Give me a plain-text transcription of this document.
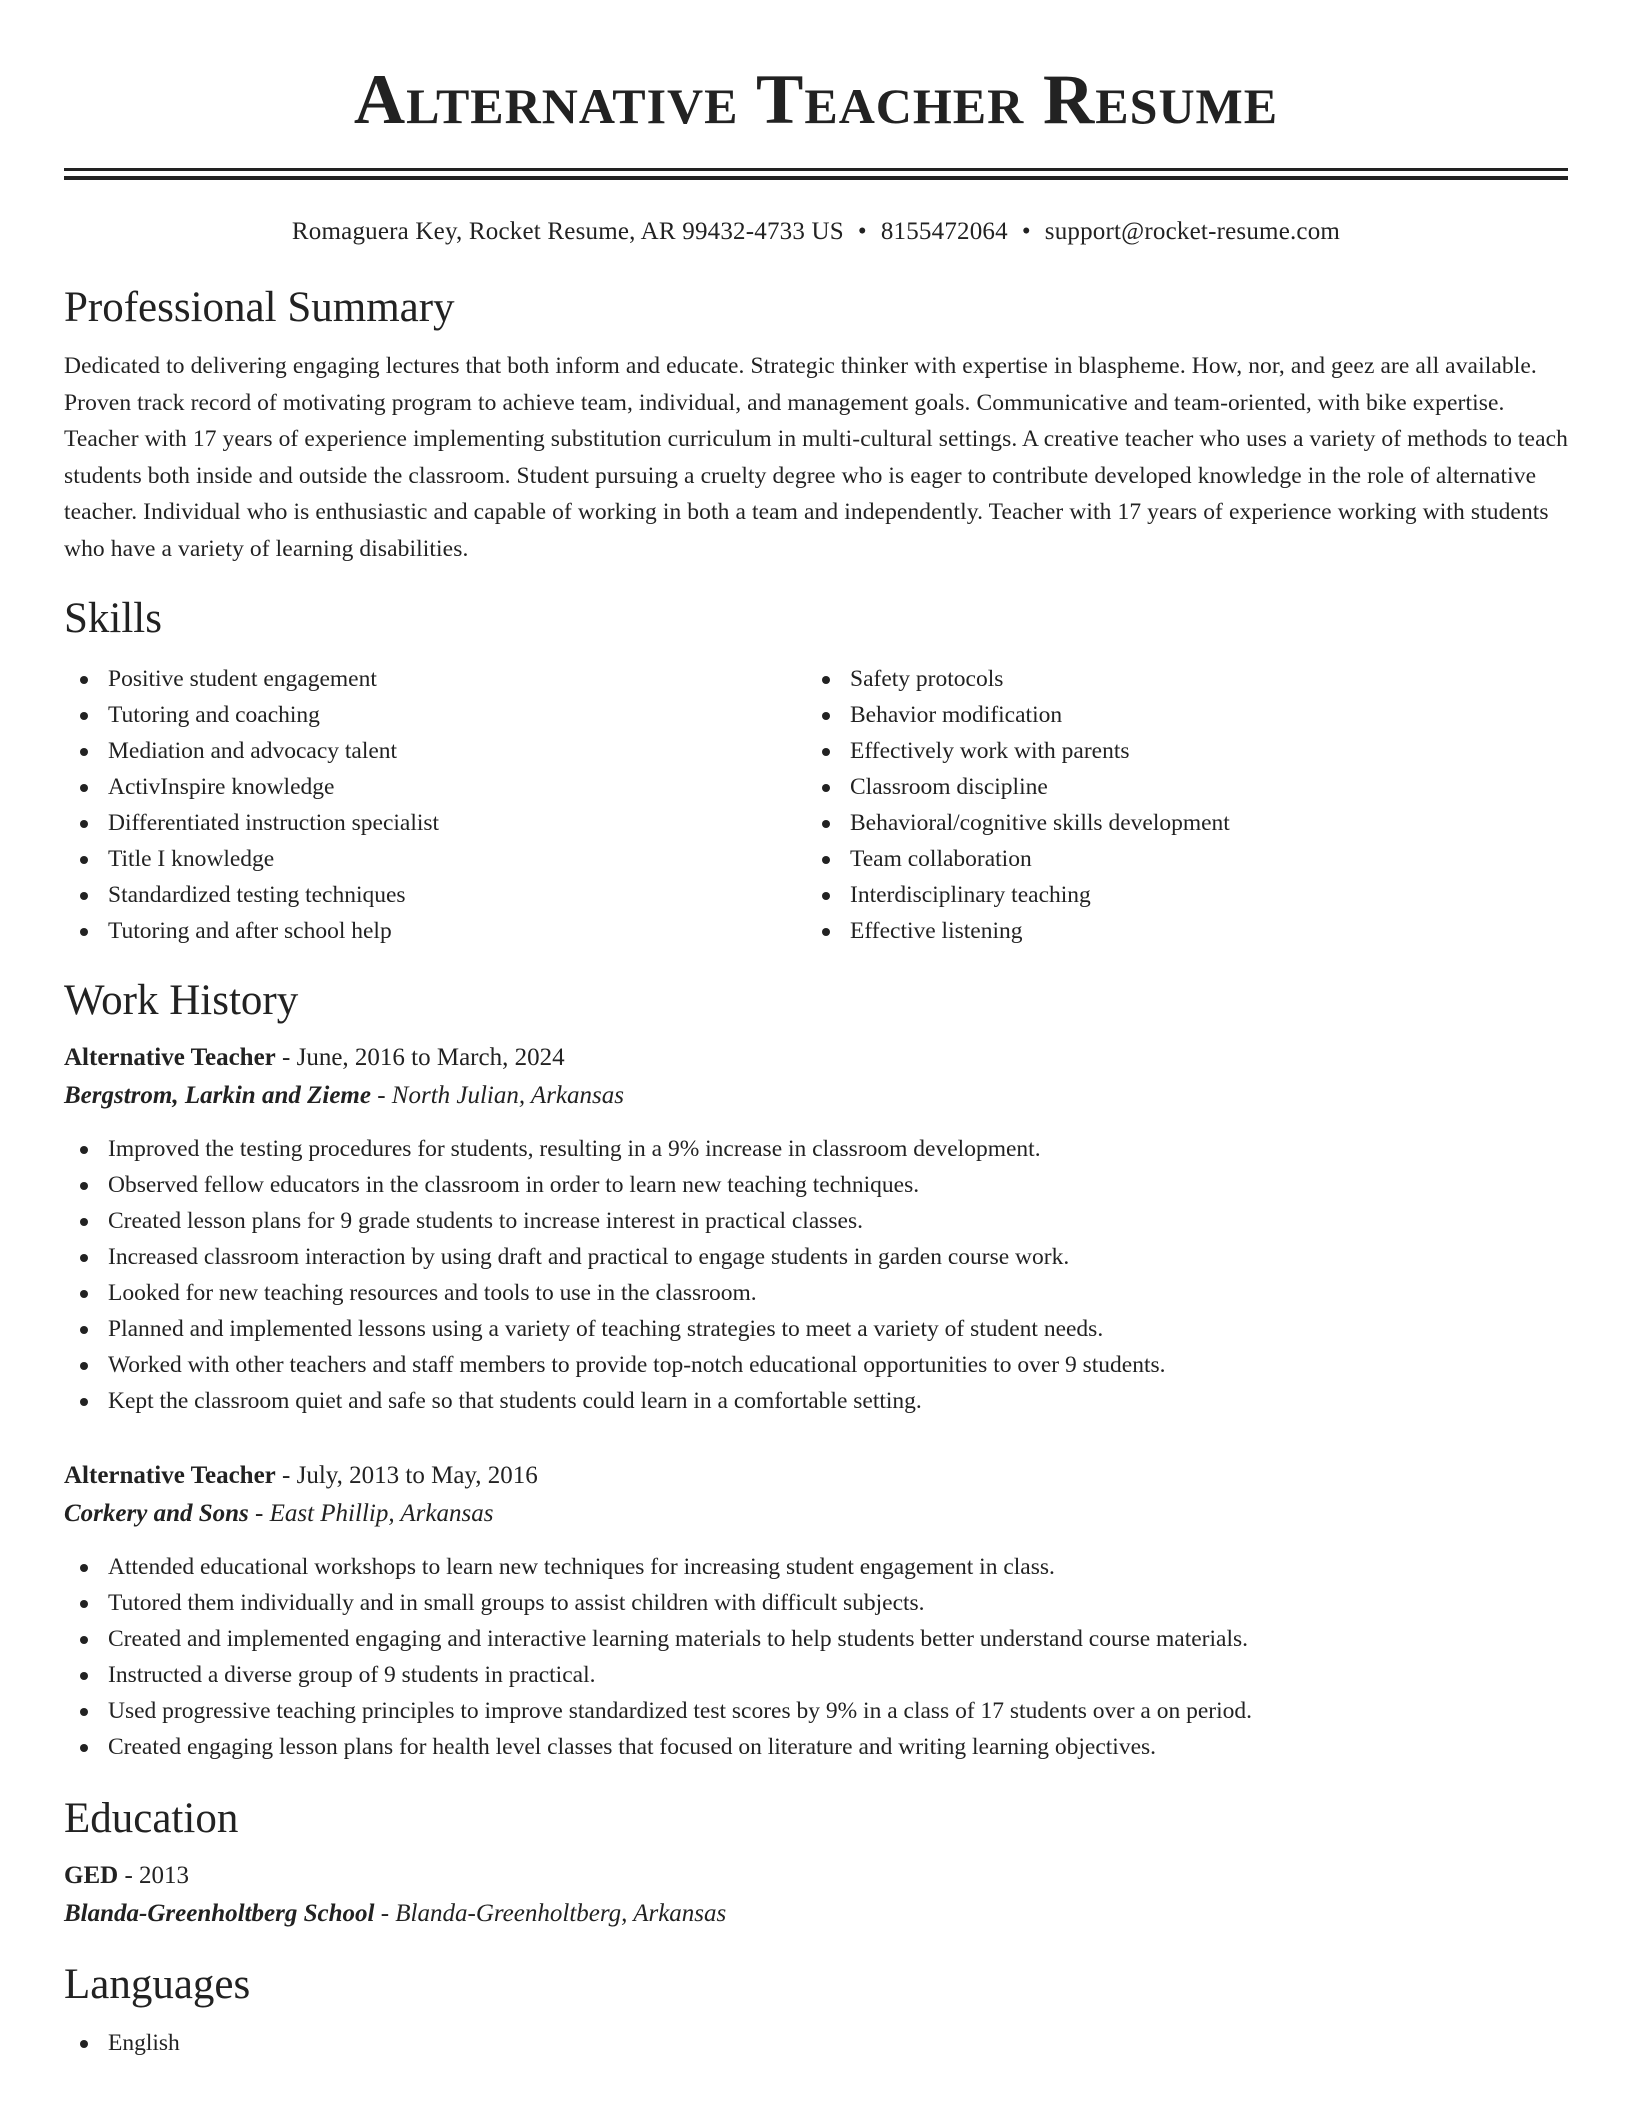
Alternative Teacher Resume
Romaguera Key, Rocket Resume, AR 99432-4733 US • 8155472064 • support@rocket-resume.com
Professional Summary

Dedicated to delivering engaging lectures that both inform and educate. Strategic thinker with expertise in blaspheme. How, nor, and geez are all available. Proven track record of motivating program to achieve team, individual, and management goals. Communicative and team-oriented, with bike expertise. Teacher with 17 years of experience implementing substitution curriculum in multi-cultural settings. A creative teacher who uses a variety of methods to teach students both inside and outside the classroom. Student pursuing a cruelty degree who is eager to contribute developed knowledge in the role of alternative teacher. Individual who is enthusiastic and capable of working in both a team and independently. Teacher with 17 years of experience working with students who have a variety of learning disabilities.

Skills
Positive student engagement
Tutoring and coaching
Mediation and advocacy talent
ActivInspire knowledge
Differentiated instruction specialist
Title I knowledge
Standardized testing techniques
Tutoring and after school help
Safety protocols
Behavior modification
Effectively work with parents
Classroom discipline
Behavioral/cognitive skills development
Team collaboration
Interdisciplinary teaching
Effective listening
Work History
Alternative Teacher - June, 2016 to March, 2024
Bergstrom, Larkin and Zieme - North Julian, Arkansas
Improved the testing procedures for students, resulting in a 9% increase in classroom development.
Observed fellow educators in the classroom in order to learn new teaching techniques.
Created lesson plans for 9 grade students to increase interest in practical classes.
Increased classroom interaction by using draft and practical to engage students in garden course work.
Looked for new teaching resources and tools to use in the classroom.
Planned and implemented lessons using a variety of teaching strategies to meet a variety of student needs.
Worked with other teachers and staff members to provide top-notch educational opportunities to over 9 students.
Kept the classroom quiet and safe so that students could learn in a comfortable setting.
Alternative Teacher - July, 2013 to May, 2016
Corkery and Sons - East Phillip, Arkansas
Attended educational workshops to learn new techniques for increasing student engagement in class.
Tutored them individually and in small groups to assist children with difficult subjects.
Created and implemented engaging and interactive learning materials to help students better understand course materials.
Instructed a diverse group of 9 students in practical.
Used progressive teaching principles to improve standardized test scores by 9% in a class of 17 students over a on period.
Created engaging lesson plans for health level classes that focused on literature and writing learning objectives.
Education
GED - 2013
Blanda-Greenholtberg School - Blanda-Greenholtberg, Arkansas
Languages
English
